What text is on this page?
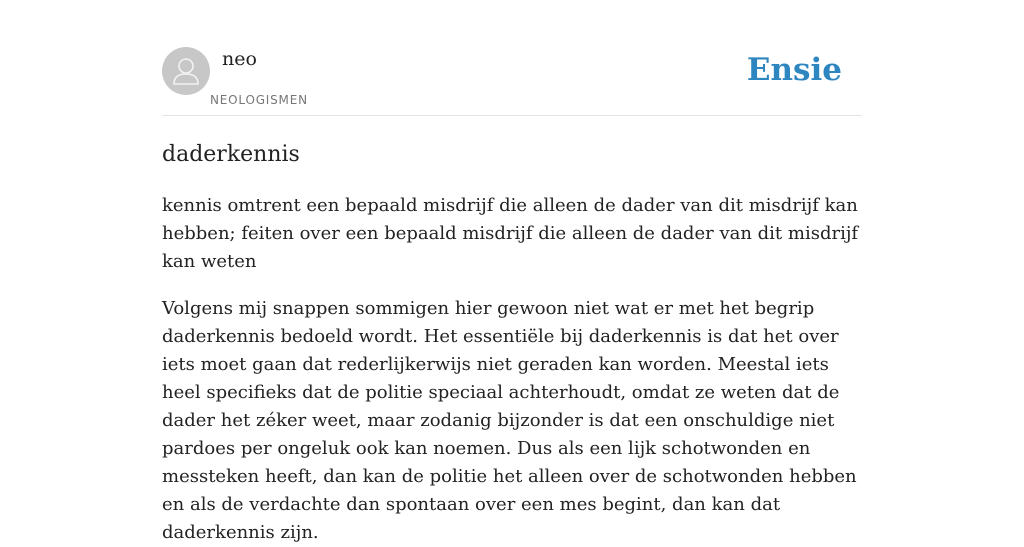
neo
NEOLOGISMEN
Ensie
daderkennis

kennis omtrent een bepaald misdrijf die alleen de dader van dit misdrijf kan hebben; feiten over een bepaald misdrijf die alleen de dader van dit misdrijf kan weten

Volgens mij snappen sommigen hier gewoon niet wat er met het begrip daderkennis bedoeld wordt. Het essentiële bij daderkennis is dat het over iets moet gaan dat rederlijkerwijs niet geraden kan worden. Meestal iets heel specifieks dat de politie speciaal achterhoudt, omdat ze weten dat de dader het zéker weet, maar zodanig bijzonder is dat een onschuldige niet pardoes per ongeluk ook kan noemen. Dus als een lijk schotwonden en messteken heeft, dan kan de politie het alleen over de schotwonden hebben en als de verdachte dan spontaan over een mes begint, dan kan dat daderkennis zijn.
